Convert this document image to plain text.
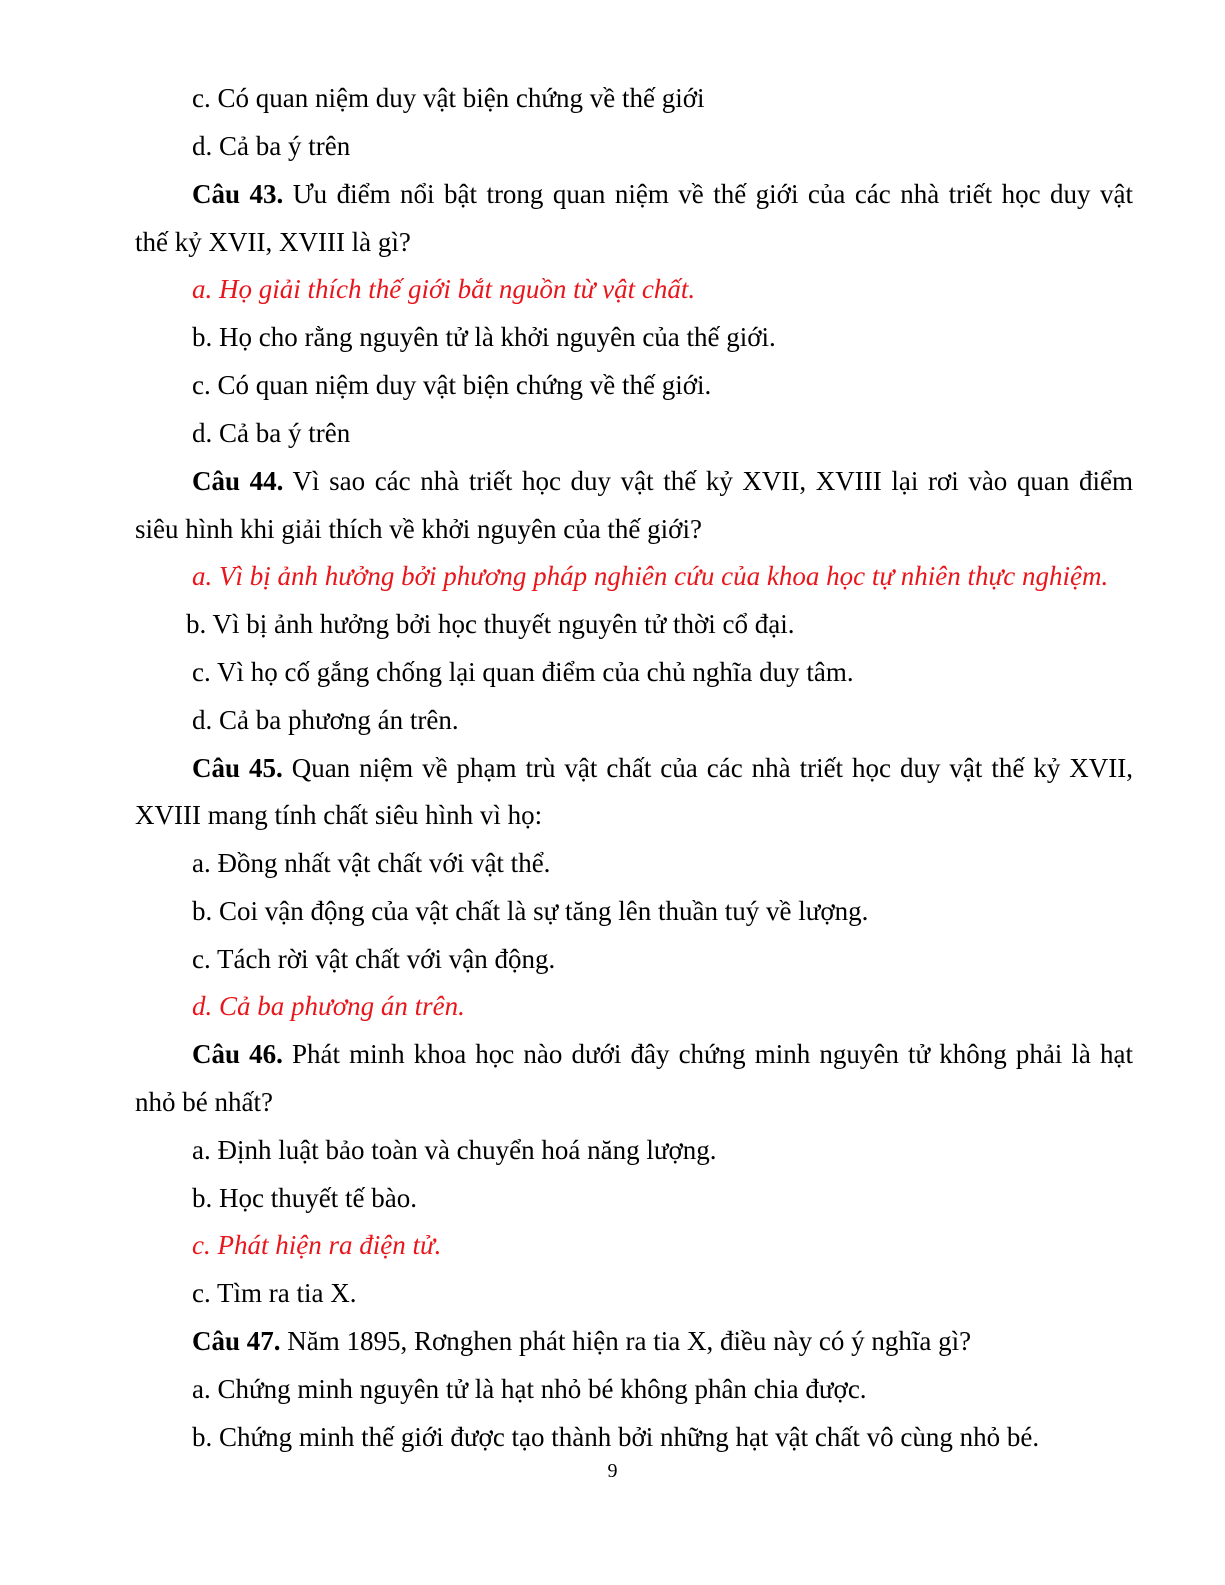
c. Có quan niệm duy vật biện chứng về thế giới
d. Cả ba ý trên
Câu 43. Ưu điểm nổi bật trong quan niệm về thế giới của các nhà triết học duy vật
thế kỷ XVII, XVIII là gì?
a. Họ giải thích thế giới bắt nguồn từ vật chất.
b. Họ cho rằng nguyên tử là khởi nguyên của thế giới.
c. Có quan niệm duy vật biện chứng về thế giới.
d. Cả ba ý trên
Câu 44. Vì sao các nhà triết học duy vật thế kỷ XVII, XVIII lại rơi vào quan điểm
siêu hình khi giải thích về khởi nguyên của thế giới?
a. Vì bị ảnh hưởng bởi phương pháp nghiên cứu của khoa học tự nhiên thực nghiệm.
b. Vì bị ảnh hưởng bởi học thuyết nguyên tử thời cổ đại.
c. Vì họ cố gắng chống lại quan điểm của chủ nghĩa duy tâm.
d. Cả ba phương án trên.
Câu 45. Quan niệm về phạm trù vật chất của các nhà triết học duy vật thế kỷ XVII,
XVIII mang tính chất siêu hình vì họ:
a. Đồng nhất vật chất với vật thể.
b. Coi vận động của vật chất là sự tăng lên thuần tuý về lượng.
c. Tách rời vật chất với vận động.
d. Cả ba phương án trên.
Câu 46. Phát minh khoa học nào dưới đây chứng minh nguyên tử không phải là hạt
nhỏ bé nhất?
a. Định luật bảo toàn và chuyển hoá năng lượng.
b. Học thuyết tế bào.
c. Phát hiện ra điện tử.
c. Tìm ra tia X.
Câu 47. Năm 1895, Rơnghen phát hiện ra tia X, điều này có ý nghĩa gì?
a. Chứng minh nguyên tử là hạt nhỏ bé không phân chia được.
b. Chứng minh thế giới được tạo thành bởi những hạt vật chất vô cùng nhỏ bé.
9
